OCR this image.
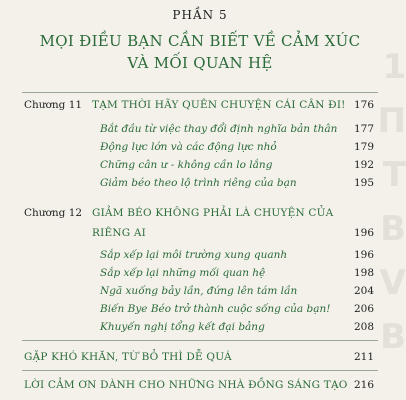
1
Π
T
B
V
B
PHẦN 5
MỌI ĐIỀU BẠN CẦN BIẾT VỀ CẢM XÚC
VÀ MỐI QUAN HỆ
Chương 11 TẠM THỜI HÃY QUÊN CHUYỆN CÁI CÂN ĐI! 176
Bắt đầu từ việc thay đổi định nghĩa bản thân	177
Động lực lớn và các động lực nhỏ	179
Chững cân ư - không cần lo lắng	192
Giảm béo theo lộ trình riêng của bạn	195
Chương 12 GIẢM BÉO KHÔNG PHẢI LÀ CHUYỆN CỦA
RIÊNG AI	196
Sắp xếp lại môi trường xung quanh	196
Sắp xếp lại những mối quan hệ	198
Ngã xuống bảy lần, đứng lên tám lần	204
Biến Bye Béo trở thành cuộc sống của bạn!	206
Khuyến nghị tổng kết đại bảng	208
GẶP KHÓ KHĂN, TỪ BỎ THÌ DỄ QUÁ	211
LỜI CẢM ƠN DÀNH CHO NHỮNG NHÀ ĐỒNG SÁNG TẠO 216
